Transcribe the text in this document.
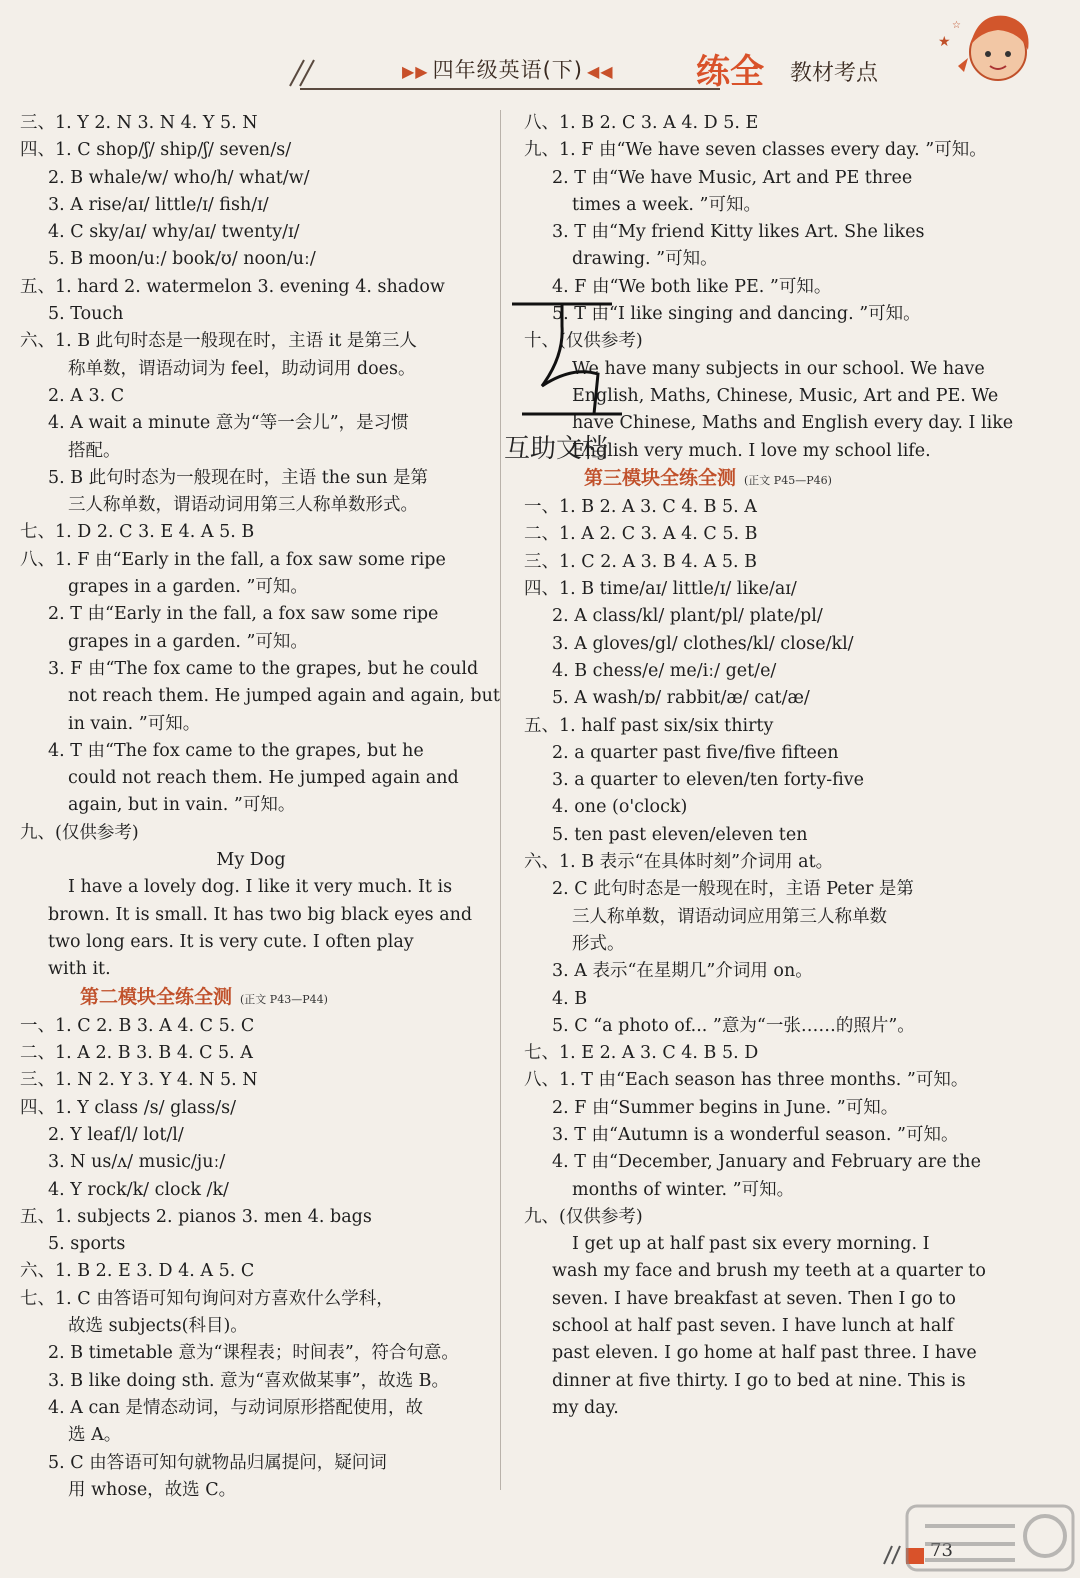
▶▶ 四年级英语(下) ◀◀ 练全 教材考点
★
☆
三、1. Y 2. N 3. N 4. Y 5. N
四、1. C shop/ʃ/ ship/ʃ/ seven/s/
2. B whale/w/ who/h/ what/w/
3. A rise/aɪ/ little/ɪ/ fish/ɪ/
4. C sky/aɪ/ why/aɪ/ twenty/ɪ/
5. B moon/uː/ book/ʊ/ noon/uː/
五、1. hard 2. watermelon 3. evening 4. shadow
5. Touch
六、1. B 此句时态是一般现在时，主语 it 是第三人
称单数，谓语动词为 feel，助动词用 does。
2. A 3. C
4. A wait a minute 意为“等一会儿”，是习惯
搭配。
5. B 此句时态为一般现在时，主语 the sun 是第
三人称单数，谓语动词用第三人称单数形式。
七、1. D 2. C 3. E 4. A 5. B
八、1. F 由“Early in the fall, a fox saw some ripe
grapes in a garden. ”可知。
2. T 由“Early in the fall, a fox saw some ripe
grapes in a garden. ”可知。
3. F 由“The fox came to the grapes, but he could
not reach them. He jumped again and again, but
in vain. ”可知。
4. T 由“The fox came to the grapes, but he
could not reach them. He jumped again and
again, but in vain. ”可知。
九、(仅供参考)
My Dog
I have a lovely dog. I like it very much. It is
brown. It is small. It has two big black eyes and
two long ears. It is very cute. I often play
with it.
第二模块全练全测 (正文 P43—P44)
一、1. C 2. B 3. A 4. C 5. C
二、1. A 2. B 3. B 4. C 5. A
三、1. N 2. Y 3. Y 4. N 5. N
四、1. Y class /s/ glass/s/
2. Y leaf/l/ lot/l/
3. N us/ʌ/ music/juː/
4. Y rock/k/ clock /k/
五、1. subjects 2. pianos 3. men 4. bags
5. sports
六、1. B 2. E 3. D 4. A 5. C
七、1. C 由答语可知句询问对方喜欢什么学科，
故选 subjects(科目)。
2. B timetable 意为“课程表；时间表”，符合句意。
3. B like doing sth. 意为“喜欢做某事”，故选 B。
4. A can 是情态动词，与动词原形搭配使用，故
选 A。
5. C 由答语可知句就物品归属提问，疑问词
用 whose，故选 C。
八、1. B 2. C 3. A 4. D 5. E
九、1. F 由“We have seven classes every day. ”可知。
2. T 由“We have Music, Art and PE three
times a week. ”可知。
3. T 由“My friend Kitty likes Art. She likes
drawing. ”可知。
4. F 由“We both like PE. ”可知。
5. T 由“I like singing and dancing. ”可知。
十、(仅供参考)
We have many subjects in our school. We have
English, Maths, Chinese, Music, Art and PE. We
have Chinese, Maths and English every day. I like
English very much. I love my school life.
第三模块全练全测 (正文 P45—P46)
一、1. B 2. A 3. C 4. B 5. A
二、1. A 2. C 3. A 4. C 5. B
三、1. C 2. A 3. B 4. A 5. B
四、1. B time/aɪ/ little/ɪ/ like/aɪ/
2. A class/kl/ plant/pl/ plate/pl/
3. A gloves/gl/ clothes/kl/ close/kl/
4. B chess/e/ me/iː/ get/e/
5. A wash/ɒ/ rabbit/æ/ cat/æ/
五、1. half past six/six thirty
2. a quarter past five/five fifteen
3. a quarter to eleven/ten forty-five
4. one (o'clock)
5. ten past eleven/eleven ten
六、1. B 表示“在具体时刻”介词用 at。
2. C 此句时态是一般现在时，主语 Peter 是第
三人称单数，谓语动词应用第三人称单数
形式。
3. A 表示“在星期几”介词用 on。
4. B
5. C “a photo of... ”意为“一张……的照片”。
七、1. E 2. A 3. C 4. B 5. D
八、1. T 由“Each season has three months. ”可知。
2. F 由“Summer begins in June. ”可知。
3. T 由“Autumn is a wonderful season. ”可知。
4. T 由“December, January and February are the
months of winter. ”可知。
九、(仅供参考)
I get up at half past six every morning. I
wash my face and brush my teeth at a quarter to
seven. I have breakfast at seven. Then I go to
school at half past seven. I have lunch at half
past eleven. I go home at half past three. I have
dinner at five thirty. I go to bed at nine. This is
my day.
互助文档
73
